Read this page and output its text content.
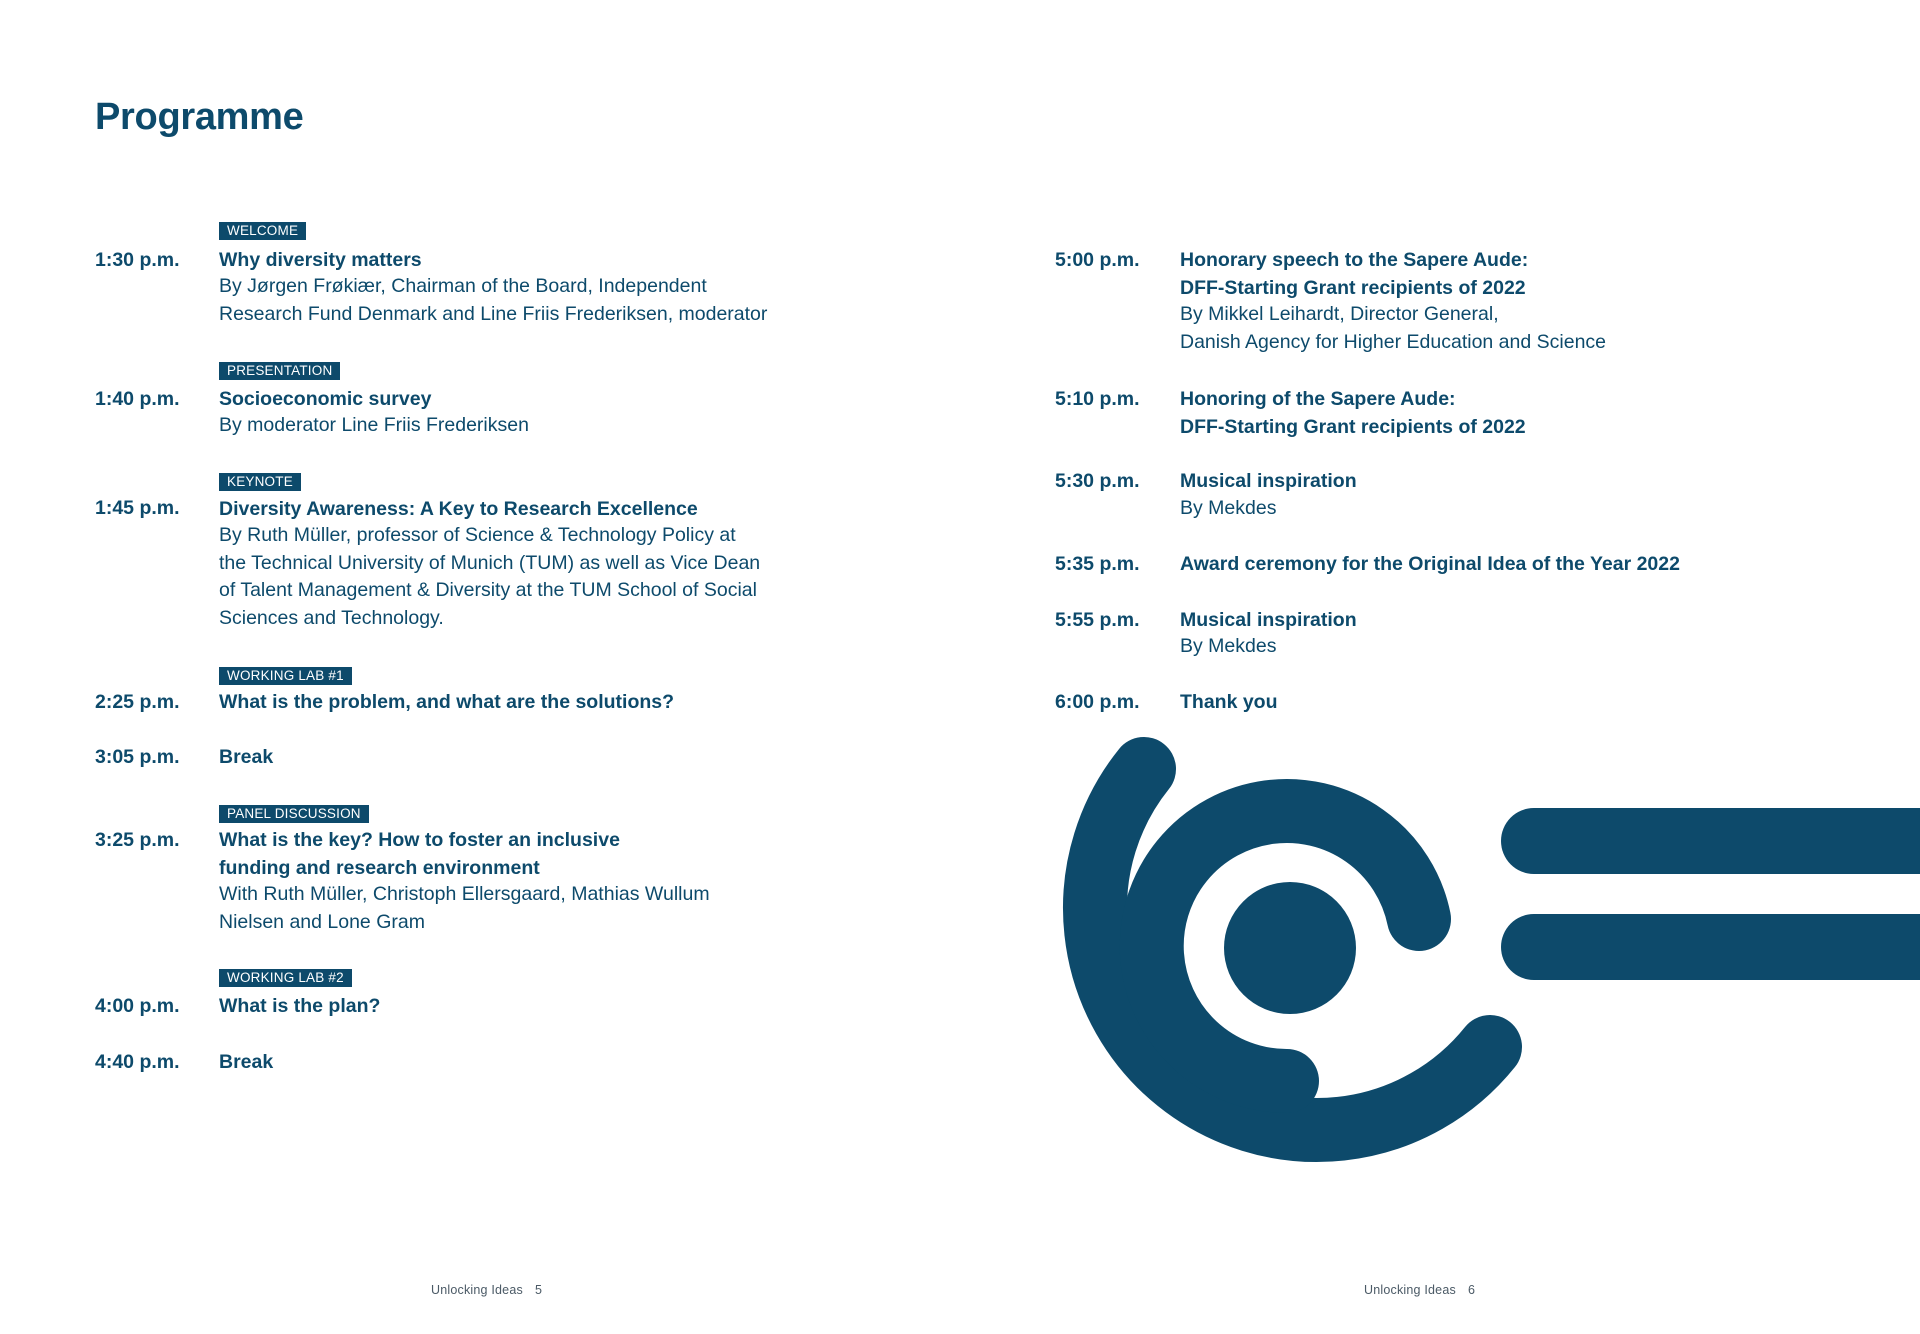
Programme
WELCOME
1:30 p.m. Why diversity matters
By Jørgen Frøkiær, Chairman of the Board, Independent
Research Fund Denmark and Line Friis Frederiksen, moderator
PRESENTATION
1:40 p.m. Socioeconomic survey
By moderator Line Friis Frederiksen
KEYNOTE
1:45 p.m. Diversity Awareness: A Key to Research Excellence
By Ruth Müller, professor of Science & Technology Policy at
the Technical University of Munich (TUM) as well as Vice Dean
of Talent Management & Diversity at the TUM School of Social
Sciences and Technology.
WORKING LAB #1
2:25 p.m. What is the problem, and what are the solutions?
3:05 p.m. Break
PANEL DISCUSSION
3:25 p.m. What is the key? How to foster an inclusive
funding and research environment
With Ruth Müller, Christoph Ellersgaard, Mathias Wullum
Nielsen and Lone Gram
WORKING LAB #2
4:00 p.m. What is the plan?
4:40 p.m. Break
5:00 p.m. Honorary speech to the Sapere Aude:
DFF-Starting Grant recipients of 2022
By Mikkel Leihardt, Director General,
Danish Agency for Higher Education and Science
5:10 p.m. Honoring of the Sapere Aude:
DFF-Starting Grant recipients of 2022
5:30 p.m. Musical inspiration
By Mekdes
5:35 p.m. Award ceremony for the Original Idea of the Year 2022
5:55 p.m. Musical inspiration
By Mekdes
6:00 p.m. Thank you
Unlocking Ideas 5	Unlocking Ideas 6
